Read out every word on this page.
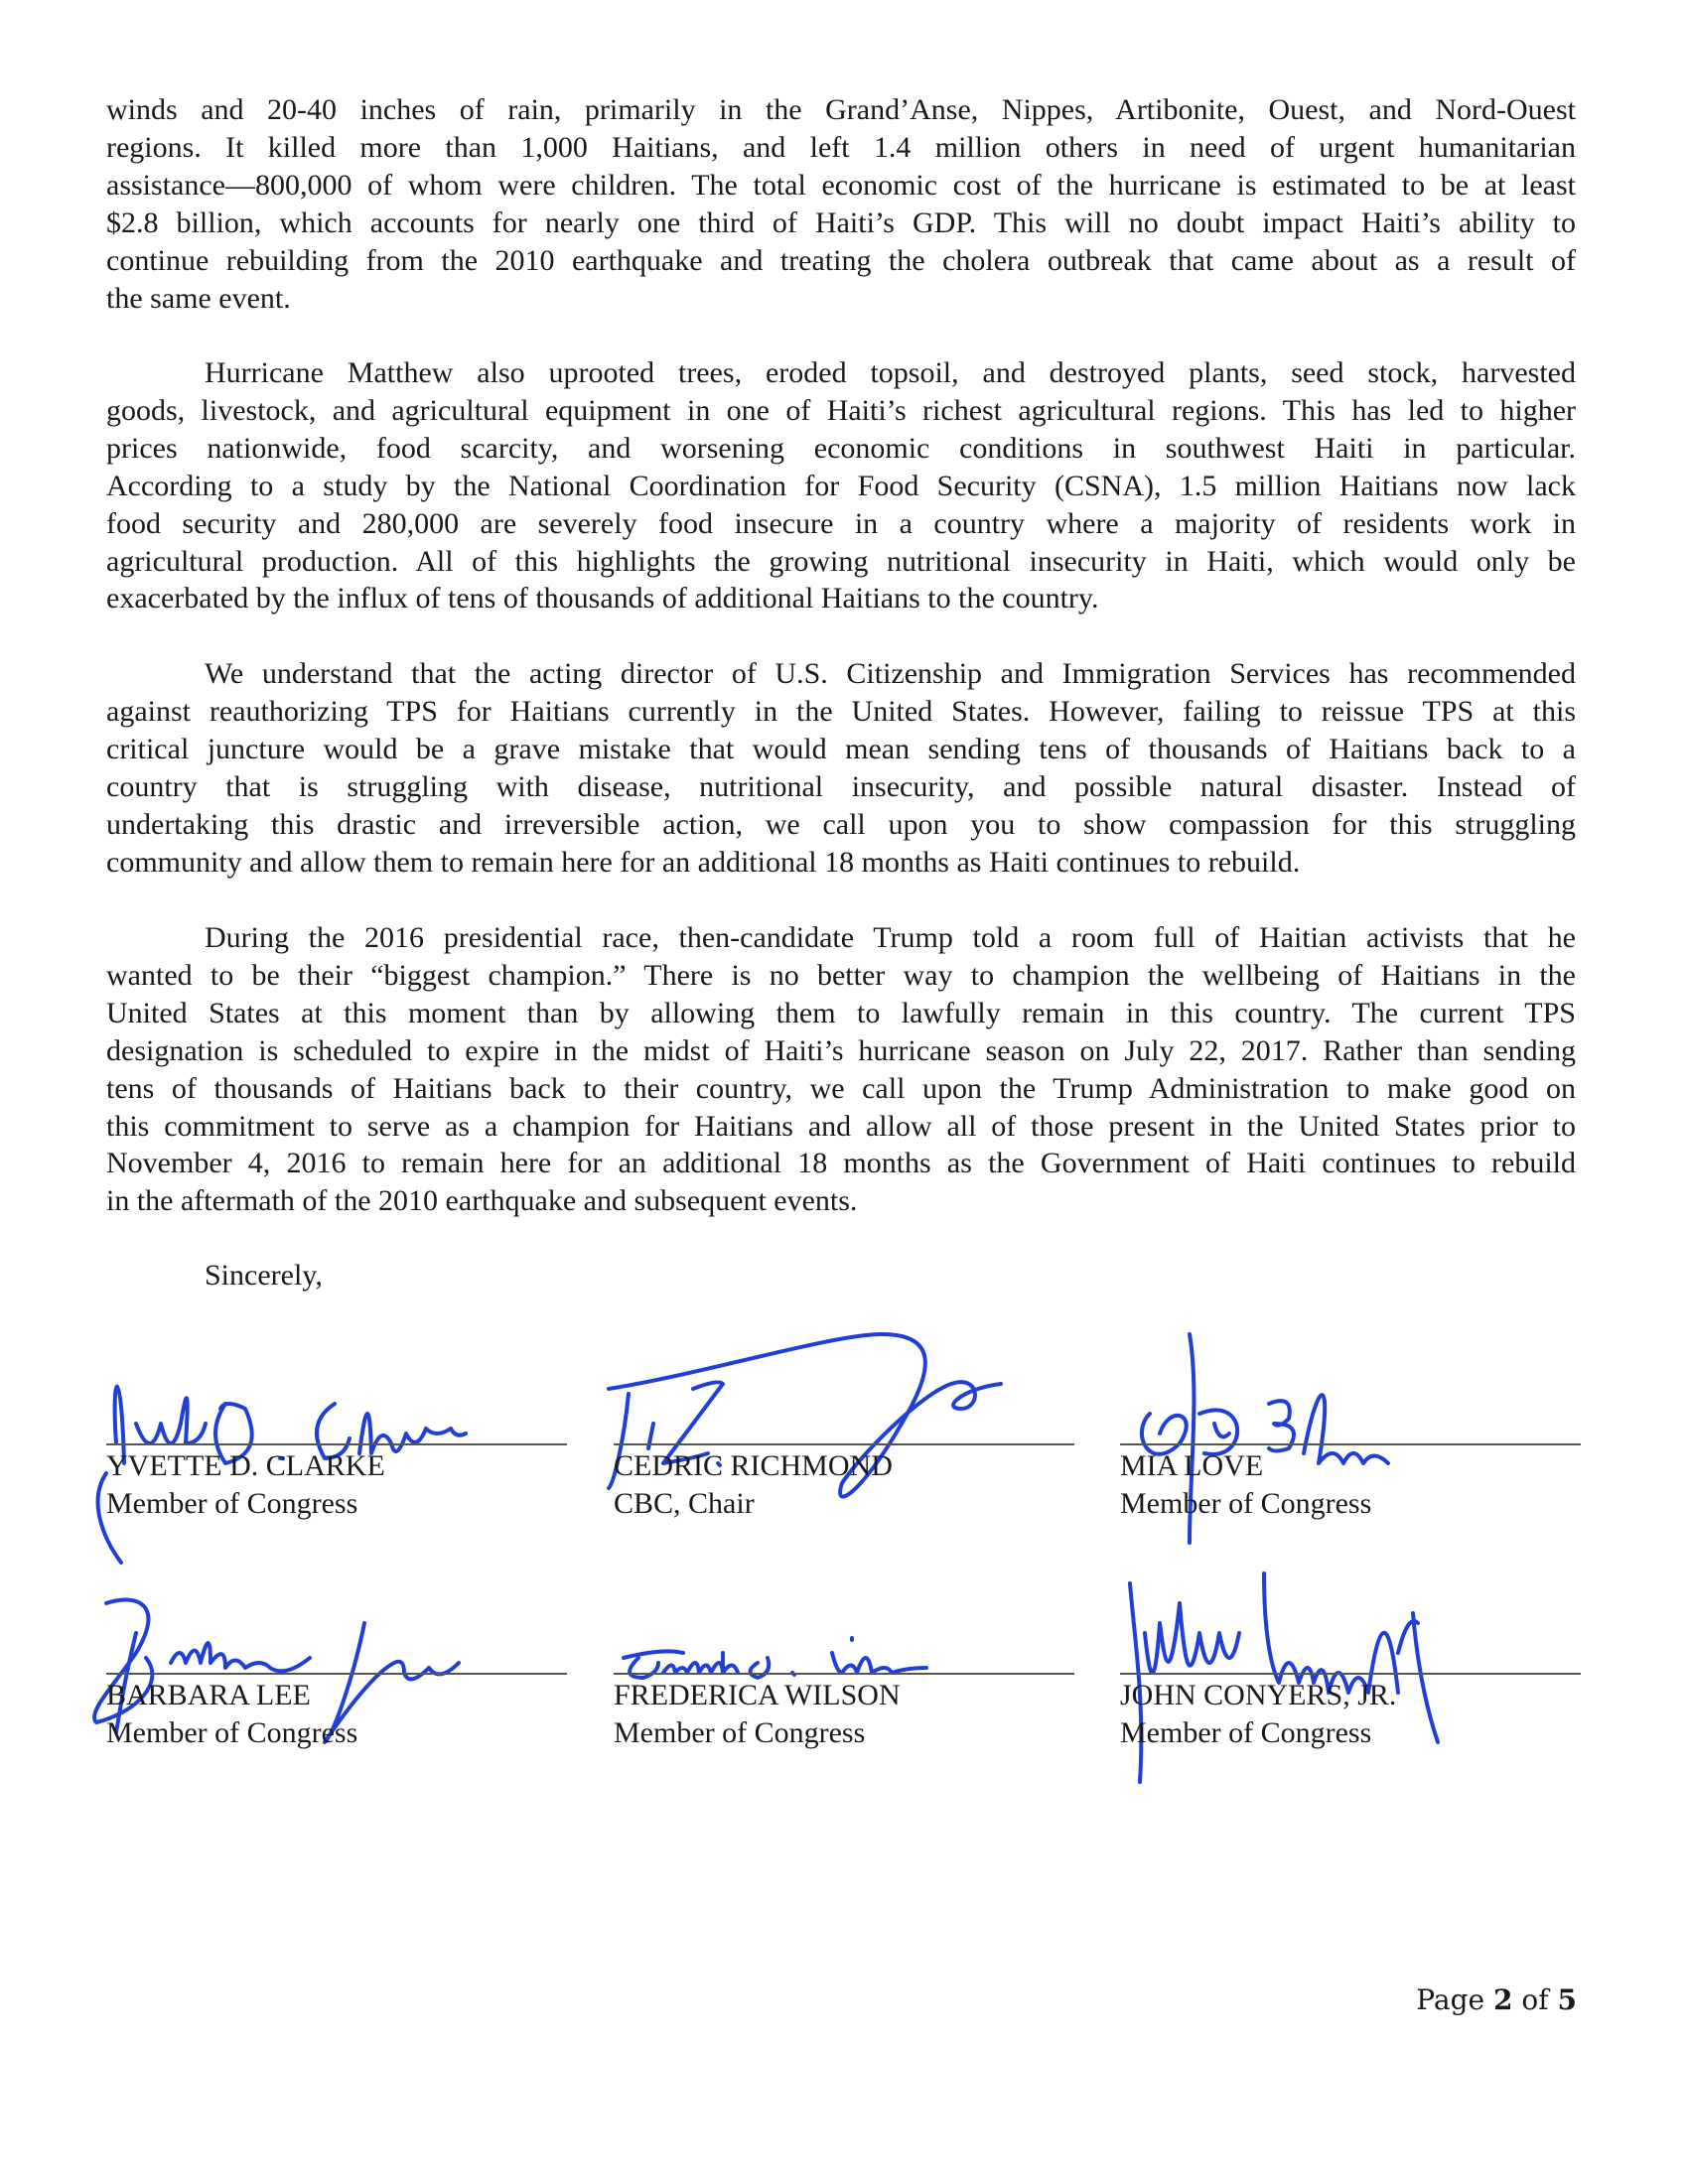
winds and 20-40 inches of rain, primarily in the Grand’Anse, Nippes, Artibonite, Ouest, and Nord-Ouest
regions. It killed more than 1,000 Haitians, and left 1.4 million others in need of urgent humanitarian
assistance—800,000 of whom were children. The total economic cost of the hurricane is estimated to be at least
$2.8 billion, which accounts for nearly one third of Haiti’s GDP. This will no doubt impact Haiti’s ability to
continue rebuilding from the 2010 earthquake and treating the cholera outbreak that came about as a result of
the same event.
Hurricane Matthew also uprooted trees, eroded topsoil, and destroyed plants, seed stock, harvested
goods, livestock, and agricultural equipment in one of Haiti’s richest agricultural regions. This has led to higher
prices nationwide, food scarcity, and worsening economic conditions in southwest Haiti in particular.
According to a study by the National Coordination for Food Security (CSNA), 1.5 million Haitians now lack
food security and 280,000 are severely food insecure in a country where a majority of residents work in
agricultural production. All of this highlights the growing nutritional insecurity in Haiti, which would only be
exacerbated by the influx of tens of thousands of additional Haitians to the country.
We understand that the acting director of U.S. Citizenship and Immigration Services has recommended
against reauthorizing TPS for Haitians currently in the United States. However, failing to reissue TPS at this
critical juncture would be a grave mistake that would mean sending tens of thousands of Haitians back to a
country that is struggling with disease, nutritional insecurity, and possible natural disaster. Instead of
undertaking this drastic and irreversible action, we call upon you to show compassion for this struggling
community and allow them to remain here for an additional 18 months as Haiti continues to rebuild.
During the 2016 presidential race, then-candidate Trump told a room full of Haitian activists that he
wanted to be their “biggest champion.” There is no better way to champion the wellbeing of Haitians in the
United States at this moment than by allowing them to lawfully remain in this country. The current TPS
designation is scheduled to expire in the midst of Haiti’s hurricane season on July 22, 2017. Rather than sending
tens of thousands of Haitians back to their country, we call upon the Trump Administration to make good on
this commitment to serve as a champion for Haitians and allow all of those present in the United States prior to
November 4, 2016 to remain here for an additional 18 months as the Government of Haiti continues to rebuild
in the aftermath of the 2010 earthquake and subsequent events.
Sincerely,
YVETTE D. CLARKE
Member of Congress
CEDRIC RICHMOND
CBC, Chair
MIA LOVE
Member of Congress
BARBARA LEE
Member of Congress
FREDERICA WILSON
Member of Congress
JOHN CONYERS, JR.
Member of Congress
Page 2 of 5
